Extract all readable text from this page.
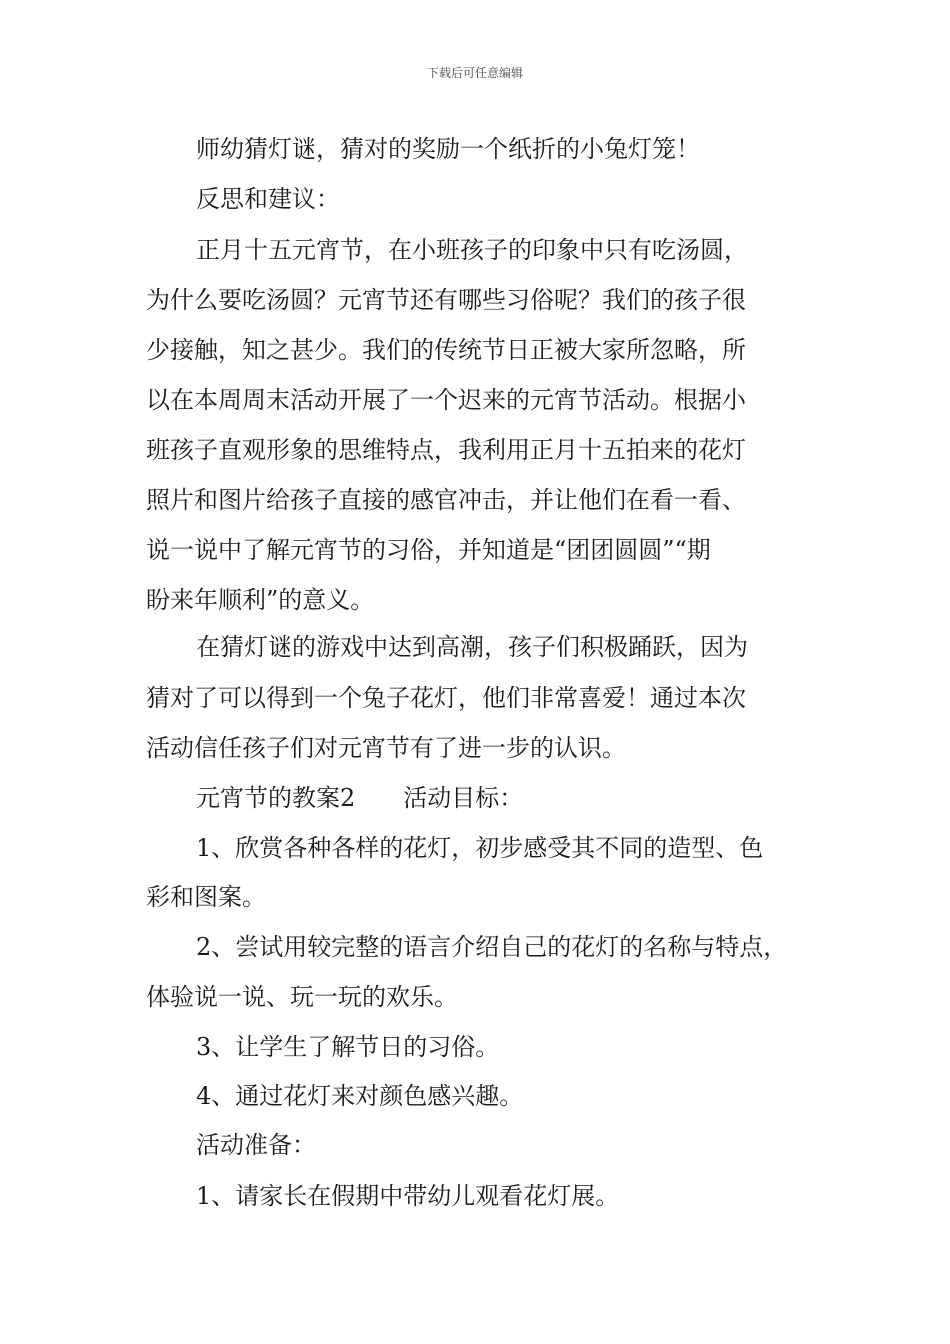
下载后可任意编辑
师幼猜灯谜，猜对的奖励一个纸折的小兔灯笼！
反思和建议：
正月十五元宵节，在小班孩子的印象中只有吃汤圆，
为什么要吃汤圆？元宵节还有哪些习俗呢？我们的孩子很
少接触，知之甚少。我们的传统节日正被大家所忽略，所
以在本周周末活动开展了一个迟来的元宵节活动。根据小
班孩子直观形象的思维特点，我利用正月十五拍来的花灯
照片和图片给孩子直接的感官冲击，并让他们在看一看、
说一说中了解元宵节的习俗，并知道是“团团圆圆”“期
盼来年顺利”的意义。
在猜灯谜的游戏中达到高潮，孩子们积极踊跃，因为
猜对了可以得到一个兔子花灯，他们非常喜爱！通过本次
活动信任孩子们对元宵节有了进一步的认识。
元宵节的教案2 活动目标：
1、欣赏各种各样的花灯，初步感受其不同的造型、色
彩和图案。
2、尝试用较完整的语言介绍自己的花灯的名称与特点，
体验说一说、玩一玩的欢乐。
3、让学生了解节日的习俗。
4、通过花灯来对颜色感兴趣。
活动准备：
1、请家长在假期中带幼儿观看花灯展。
